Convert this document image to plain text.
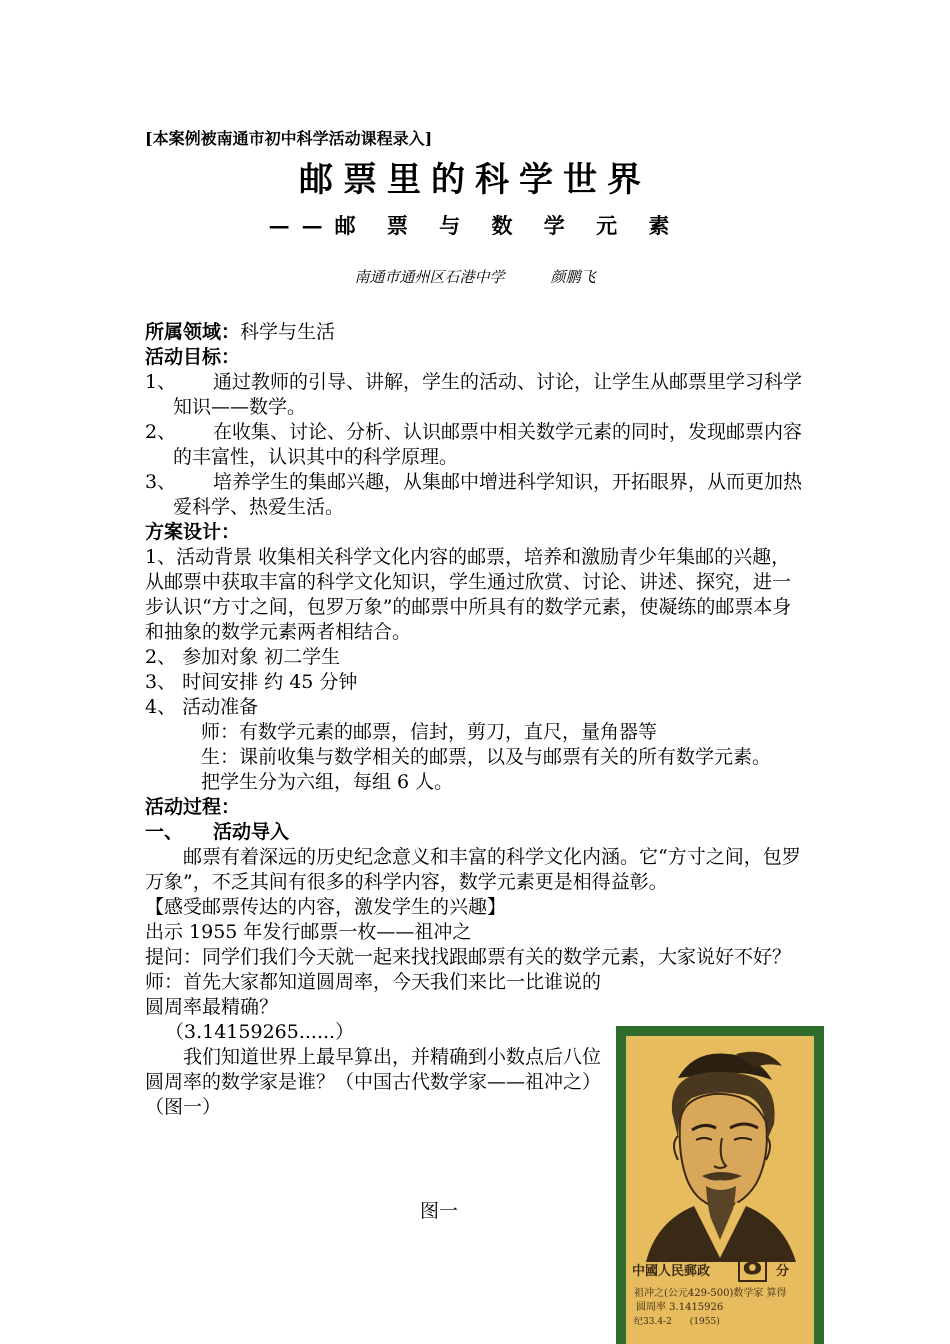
[本案例被南通市初中科学活动课程录入]
邮票里的科学世界
——邮 票 与 数 学 元 素
南通市通州区石港中学	颜鹏飞

所属领域：科学与生活

活动目标：

1、 通过教师的引导、讲解，学生的活动、讨论，让学生从邮票里学习科学知识——数学。

2、 在收集、讨论、分析、认识邮票中相关数学元素的同时，发现邮票内容的丰富性，认识其中的科学原理。

3、 培养学生的集邮兴趣，从集邮中增进科学知识，开拓眼界，从而更加热爱科学、热爱生活。

方案设计：

1、活动背景 收集相关科学文化内容的邮票，培养和激励青少年集邮的兴趣，从邮票中获取丰富的科学文化知识，学生通过欣赏、讨论、讲述、探究，进一步认识“方寸之间，包罗万象”的邮票中所具有的数学元素，使凝练的邮票本身和抽象的数学元素两者相结合。

2、 参加对象 初二学生

3、 时间安排 约 45 分钟

4、 活动准备

师：有数学元素的邮票，信封，剪刀，直尺，量角器等

生：课前收集与数学相关的邮票，以及与邮票有关的所有数学元素。

把学生分为六组，每组 6 人。

活动过程：

一、 活动导入

邮票有着深远的历史纪念意义和丰富的科学文化内涵。它“方寸之间，包罗万象”，不乏其间有很多的科学内容，数学元素更是相得益彰。

【感受邮票传达的内容，激发学生的兴趣】

出示 1955 年发行邮票一枚——祖冲之

提问：同学们我们今天就一起来找找跟邮票有关的数学元素，大家说好不好？

师：首先大家都知道圆周率，今天我们来比一比谁说的圆周率最精确？

（3.14159265......）

我们知道世界上最早算出，并精确到小数点后八位圆周率的数学家是谁？（中国古代数学家——祖冲之）（图一）

图一
中國人民郵政 8	分
祖冲之(公元429-500)数学家 算得
圆周率 3.1415926
纪33.4-2　　(1955)
